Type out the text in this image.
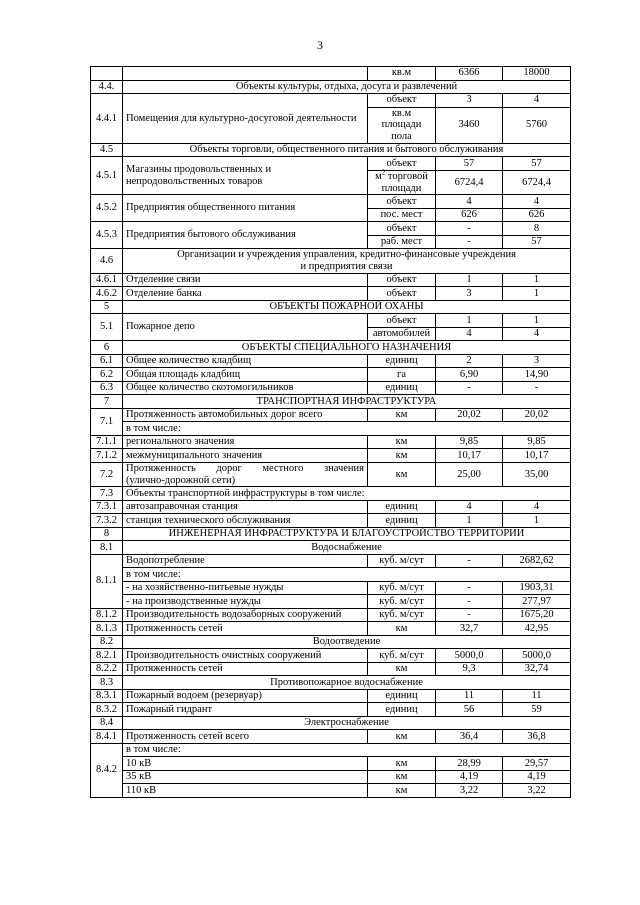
3
		кв.м	6366	18000
4.4.	Объекты культуры, отдыха, досуга и развлечений			
4.4.1	Помещения для культурно-досуговой деятельности	объект	3	4
		кв.м площади пола	3460	5760
4.5	Объекты торговли, общественного питания и бытового обслуживания			
4.5.1	Магазины продовольственных и непродовольственных товаров	объект	57	57
		$м^2$ торговой площади	6724,4	6724,4
4.5.2	Предприятия общественного питания	объект	4	4
		пос. мест	626	626
4.5.3	Предприятия бытового обслуживания	объект	-	8
		раб. мест	-	57
4.6	Организации и учреждения управления, кредитно-финансовые учреждения
и предприятия связи			

4.6.1	Отделение связи	объект	1	1
4.6.2	Отделение банка	объект	3	1
5	ОБЪЕКТЫ ПОЖАРНОЙ ОХАНЫ			
5.1	Пожарное депо	объект	1	1
		автомобилей	4	4
6	ОБЪЕКТЫ СПЕЦИАЛЬНОГО НАЗНАЧЕНИЯ			
6.1	Общее количество кладбищ	единиц	2	3
6.2	Общая площадь кладбищ	га	6,90	14,90
6.3	Общее количество скотомогильников	единиц	-	-
7	ТРАНСПОРТНАЯ ИНФРАСТРУКТУРА			
7.1	Протяженность автомобильных дорог всего	км	20,02	20,02
	в том числе:			
7.1.1	регионального значения	км	9,85	9,85
7.1.2	межмуниципального значения	км	10,17	10,17
7.2	Протяженность дорог местного значения
(улично-дорожной сети)	км	25,00	35,00
7.3	Объекты транспортной инфраструктуры в том числе:			
7.3.1	автозаправочная станция	единиц	4	4
7.3.2	станция технического обслуживания	единиц	1	1
8	ИНЖЕНЕРНАЯ ИНФРАСТРУКТУРА И БЛАГОУСТРОЙСТВО ТЕРРИТОРИИ			
8.1	Водоснабжение			
8.1.1	Водопотребление	куб. м/сут	-	2682,62
	в том числе:			
	- на хозяйственно-питьевые нужды	куб. м/сут	-	1903,31
	- на производственные нужды	куб. м/сут	-	277,97
8.1.2	Производительность водозаборных сооружений	куб. м/сут	-	1675,20
8.1.3	Протяженность сетей	км	32,7	42,95
8.2	Водоотведение			
8.2.1	Производительность очистных сооружений	куб. м/сут	5000,0	5000,0
8.2.2	Протяженность сетей	км	9,3	32,74
8.3	Противопожарное водоснабжение			
8.3.1	Пожарный водоем (резервуар)	единиц	11	11
8.3.2	Пожарный гидрант	единиц	56	59
8.4	Электроснабжение			
8.4.1	Протяженность сетей всего	км	36,4	36,8
8.4.2	в том числе:			
	10 кВ	км	28,99	29,57
	35 кВ	км	4,19	4,19
	110 кВ	км	3,22	3,22
